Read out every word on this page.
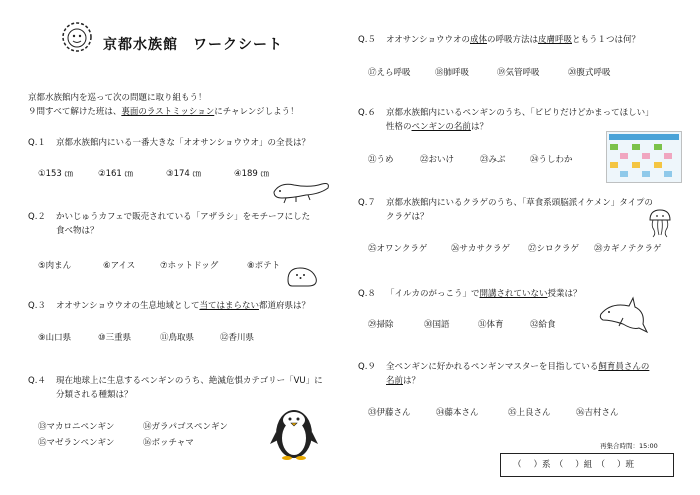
京都水族館　ワークシート
京都水族館内を巡って次の問題に取り組もう！
９問すべて解けた班は、裏面のラストミッションにチャレンジしよう！
Q.１ 京都水族館内にいる一番大きな「オオサンショウウオ」の全長は？
①153 ㎝	②161 ㎝	③174 ㎝	④189 ㎝
Q.２ かいじゅうカフェで販売されている「アザラシ」をモチーフにした
食べ物は？
⑤肉まん	⑥アイス	⑦ホットドッグ	⑧ポテト
Q.３ オオサンショウウオの生息地域として当てはまらない都道府県は？
⑨山口県	⑩三重県	⑪鳥取県	⑫香川県
Q.４ 現在地球上に生息するペンギンのうち、絶滅危惧カテゴリー「VU」に
分類される種類は？
⑬マカロニペンギン	⑭ガラパゴスペンギン
⑮マゼランペンギン	⑯ボッチャマ
Q.５ オオサンショウウオの成体の呼吸方法は皮膚呼吸ともう１つは何？
⑰えら呼吸	⑱肺呼吸	⑲気管呼吸	⑳腹式呼吸
Q.６ 京都水族館内にいるペンギンのうち、「ビビりだけどかまってほしい」
性格のペンギンの名前は？
㉑うめ	㉒おいけ	㉓みぶ	㉔うしわか
Q.７ 京都水族館内にいるクラゲのうち、「草食系頭脳派イケメン」タイプの
クラゲは？
㉕オワンクラゲ	㉖サカサクラゲ ㉗シロクラゲ ㉘カギノテクラゲ
Q.８ 「イルカのがっこう」で開講されていない授業は？
㉙掃除	㉚国語	㉛体育	㉜給食
Q.９ 全ペンギンに好かれるペンギンマスターを目指している飼育員さんの
名前は？
㉝伊藤さん	㉞藤本さん	㉟上良さん	㊱吉村さん
再集合時間：15:00
（ ）系　（ ）組　（ ）班
